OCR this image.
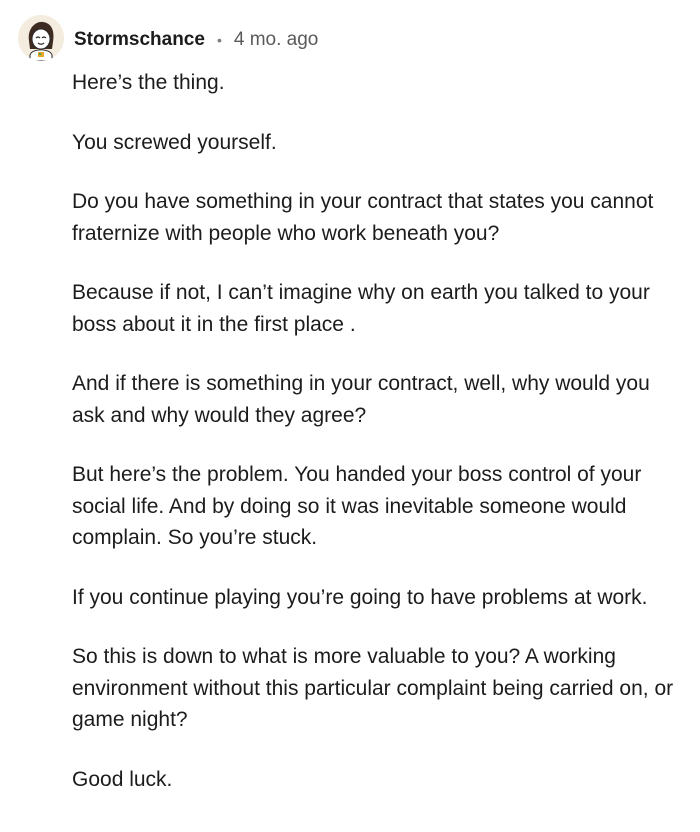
Stormschance • 4 mo. ago

Here’s the thing.

You screwed yourself.

Do you have something in your contract that states you cannot fraternize with people who work beneath you?

Because if not, I can’t imagine why on earth you talked to your boss about it in the first place .

And if there is something in your contract, well, why would you ask and why would they agree?

But here’s the problem. You handed your boss control of your social life. And by doing so it was inevitable someone would complain. So you’re stuck.

If you continue playing you’re going to have problems at work.

So this is down to what is more valuable to you? A working environment without this particular complaint being carried on, or game night?

Good luck.
